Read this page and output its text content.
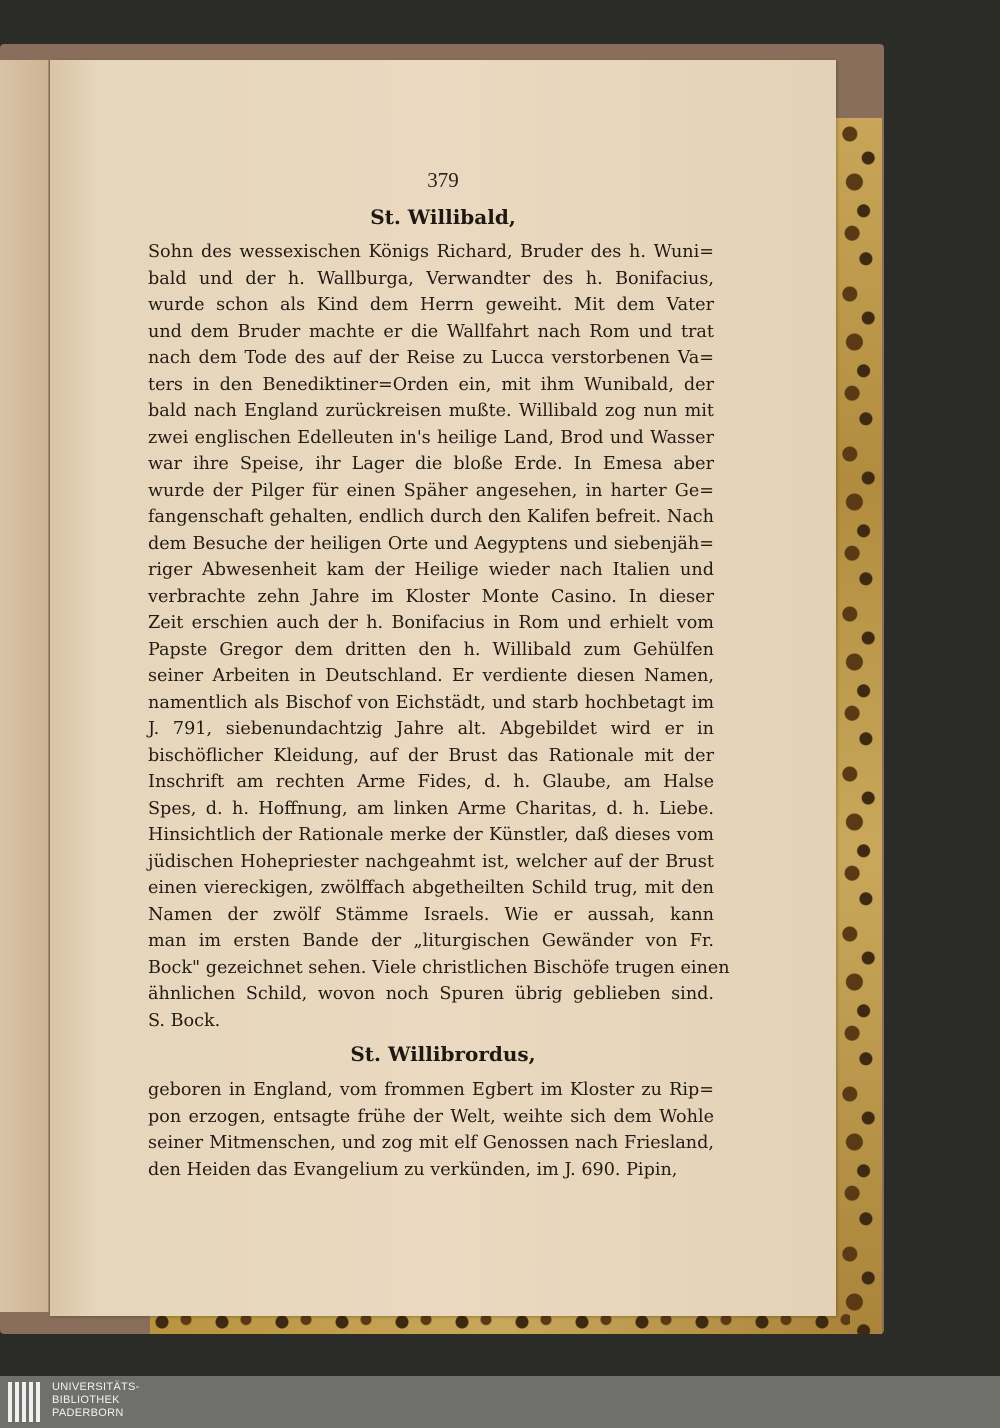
379
St. Willibald,
Sohn des wessexischen Königs Richard, Bruder des h. Wuni=
bald und der h. Wallburga, Verwandter des h. Bonifacius,
wurde schon als Kind dem Herrn geweiht. Mit dem Vater
und dem Bruder machte er die Wallfahrt nach Rom und trat
nach dem Tode des auf der Reise zu Lucca verstorbenen Va=
ters in den Benediktiner=Orden ein, mit ihm Wunibald, der
bald nach England zurückreisen mußte. Willibald zog nun mit
zwei englischen Edelleuten in's heilige Land, Brod und Wasser
war ihre Speise, ihr Lager die bloße Erde. In Emesa aber
wurde der Pilger für einen Späher angesehen, in harter Ge=
fangenschaft gehalten, endlich durch den Kalifen befreit. Nach
dem Besuche der heiligen Orte und Aegyptens und siebenjäh=
riger Abwesenheit kam der Heilige wieder nach Italien und
verbrachte zehn Jahre im Kloster Monte Casino. In dieser
Zeit erschien auch der h. Bonifacius in Rom und erhielt vom
Papste Gregor dem dritten den h. Willibald zum Gehülfen
seiner Arbeiten in Deutschland. Er verdiente diesen Namen,
namentlich als Bischof von Eichstädt, und starb hochbetagt im
J. 791, siebenundachtzig Jahre alt. Abgebildet wird er in
bischöflicher Kleidung, auf der Brust das Rationale mit der
Inschrift am rechten Arme Fides, d. h. Glaube, am Halse
Spes, d. h. Hoffnung, am linken Arme Charitas, d. h. Liebe.
Hinsichtlich der Rationale merke der Künstler, daß dieses vom
jüdischen Hohepriester nachgeahmt ist, welcher auf der Brust
einen viereckigen, zwölffach abgetheilten Schild trug, mit den
Namen der zwölf Stämme Israels. Wie er aussah, kann
man im ersten Bande der „liturgischen Gewänder von Fr.
Bock" gezeichnet sehen. Viele christlichen Bischöfe trugen einen
ähnlichen Schild, wovon noch Spuren übrig geblieben sind.
S. Bock.
St. Willibrordus,
geboren in England, vom frommen Egbert im Kloster zu Rip=
pon erzogen, entsagte frühe der Welt, weihte sich dem Wohle
seiner Mitmenschen, und zog mit elf Genossen nach Friesland,
den Heiden das Evangelium zu verkünden, im J. 690. Pipin,
UNIVERSITÄTS-
BIBLIOTHEK
PADERBORN
